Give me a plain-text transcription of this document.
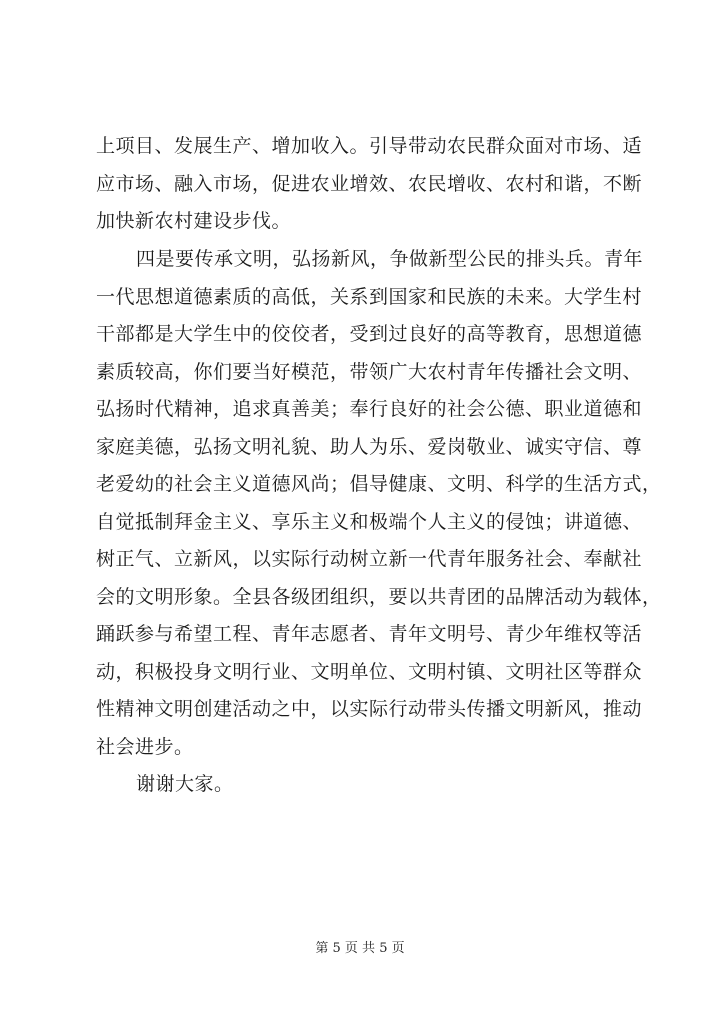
上项目、发展生产、增加收入。引导带动农民群众面对市场、适
应市场、融入市场，促进农业增效、农民增收、农村和谐，不断
加快新农村建设步伐。
四是要传承文明，弘扬新风，争做新型公民的排头兵。青年
一代思想道德素质的高低，关系到国家和民族的未来。大学生村
干部都是大学生中的佼佼者，受到过良好的高等教育，思想道德
素质较高，你们要当好模范，带领广大农村青年传播社会文明、
弘扬时代精神，追求真善美；奉行良好的社会公德、职业道德和
家庭美德，弘扬文明礼貌、助人为乐、爱岗敬业、诚实守信、尊
老爱幼的社会主义道德风尚；倡导健康、文明、科学的生活方式，
自觉抵制拜金主义、享乐主义和极端个人主义的侵蚀；讲道德、
树正气、立新风，以实际行动树立新一代青年服务社会、奉献社
会的文明形象。全县各级团组织，要以共青团的品牌活动为载体，
踊跃参与希望工程、青年志愿者、青年文明号、青少年维权等活
动，积极投身文明行业、文明单位、文明村镇、文明社区等群众
性精神文明创建活动之中，以实际行动带头传播文明新风，推动
社会进步。
谢谢大家。
第 5 页 共 5 页
